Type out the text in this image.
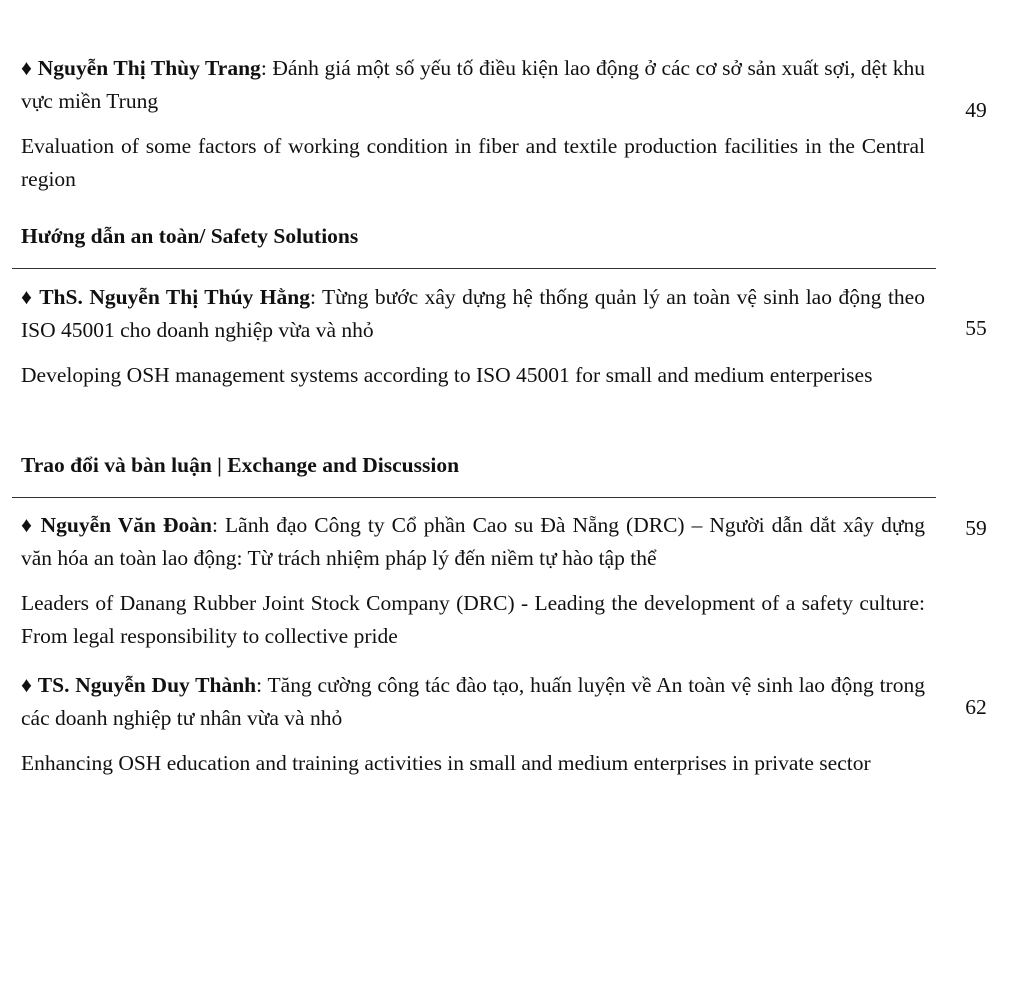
♦ Nguyễn Thị Thùy Trang: Đánh giá một số yếu tố điều kiện lao động ở các cơ sở sản xuất sợi, dệt khu vực miền Trung

Evaluation of some factors of working condition in fiber and textile production facilities in the Central region

49
Hướng dẫn an toàn/ Safety Solutions

♦ ThS. Nguyễn Thị Thúy Hằng: Từng bước xây dựng hệ thống quản lý an toàn vệ sinh lao động theo ISO 45001 cho doanh nghiệp vừa và nhỏ

Developing OSH management systems according to ISO 45001 for small and medium enterperises

55
Trao đổi và bàn luận | Exchange and Discussion

♦ Nguyễn Văn Đoàn: Lãnh đạo Công ty Cổ phần Cao su Đà Nẵng (DRC) – Người dẫn dắt xây dựng văn hóa an toàn lao động: Từ trách nhiệm pháp lý đến niềm tự hào tập thể

Leaders of Danang Rubber Joint Stock Company (DRC) - Leading the development of a safety culture: From legal responsibility to collective pride

59

♦ TS. Nguyễn Duy Thành: Tăng cường công tác đào tạo, huấn luyện về An toàn vệ sinh lao động trong các doanh nghiệp tư nhân vừa và nhỏ

Enhancing OSH education and training activities in small and medium enterprises in private sector

62
